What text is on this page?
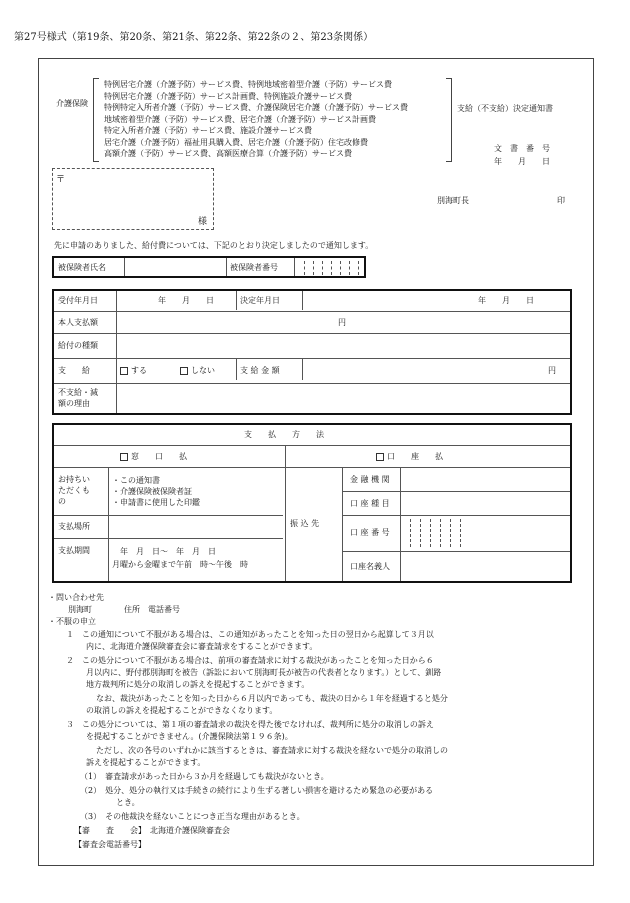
第27号様式（第19条、第20条、第21条、第22条、第22条の２、第23条関係）
介護保険
特例居宅介護（介護予防）サービス費、特例地域密着型介護（予防）サービス費
特例居宅介護（介護予防）サービス計画費、特例施設介護サービス費
特例特定入所者介護（予防）サービス費、介護保険居宅介護（介護予防）サービス費
地域密着型介護（予防）サービス費、居宅介護（介護予防）サービス計画費
特定入所者介護（予防）サービス費、施設介護サービス費
居宅介護（介護予防）福祉用具購入費、居宅介護（介護予防）住宅改修費
高額介護（予防）サービス費、高額医療合算（介護予防）サービス費
支給（不支給）決定通知書
文　書　番　号
年　　月　　日
〒
様
別海町長	印
先に申請のありました、給付費については、下記のとおり決定しましたので通知します。
被保険者氏名	被保険者番号
受付年月日	年　　月　　日	決定年月日	年　　月　　日
本人支払額	円
給付の種類
支　　給	する	しない	支 給 金 額	円
不支給・減
額の理由
支　　払　　方　　法
窓　　口　　払	口　　座　　払
お持ちい
ただくも
の
・この通知書
・介護保険被保険者証
・申請書に使用した印鑑
支払場所
支払期間	年　月　日〜　年　月　日
月曜から金曜まで午前　時〜午後　時
振 込 先
金 融 機 関
口 座 種 目
口 座 番 号
口座名義人
・問い合わせ先
別海町　　　　住所　電話番号
・不服の申立
１　この通知について不服がある場合は、この通知があったことを知った日の翌日から起算して３月以
内に、北海道介護保険審査会に審査請求をすることができます。
２　この処分について不服がある場合は、前項の審査請求に対する裁決があったことを知った日から６
月以内に、野付郡別海町を被告（訴訟において別海町長が被告の代表者となります。）として、釧路
地方裁判所に処分の取消しの訴えを提起することができます。
なお、裁決があったことを知った日から６月以内であっても、裁決の日から１年を経過すると処分
の取消しの訴えを提起することができなくなります。
３　この処分については、第１項の審査請求の裁決を得た後でなければ、裁判所に処分の取消しの訴え
を提起することができません。(介護保険法第１９６条)。
ただし、次の各号のいずれかに該当するときは、審査請求に対する裁決を経ないで処分の取消しの
訴えを提起することができます。
（1）　審査請求があった日から３か月を経過しても裁決がないとき。
（2）　処分、処分の執行又は手続きの続行により生ずる著しい損害を避けるため緊急の必要がある
とき。
（3）　その他裁決を経ないことにつき正当な理由があるとき。
【審　　査　　会】　北海道介護保険審査会
【審査会電話番号】
